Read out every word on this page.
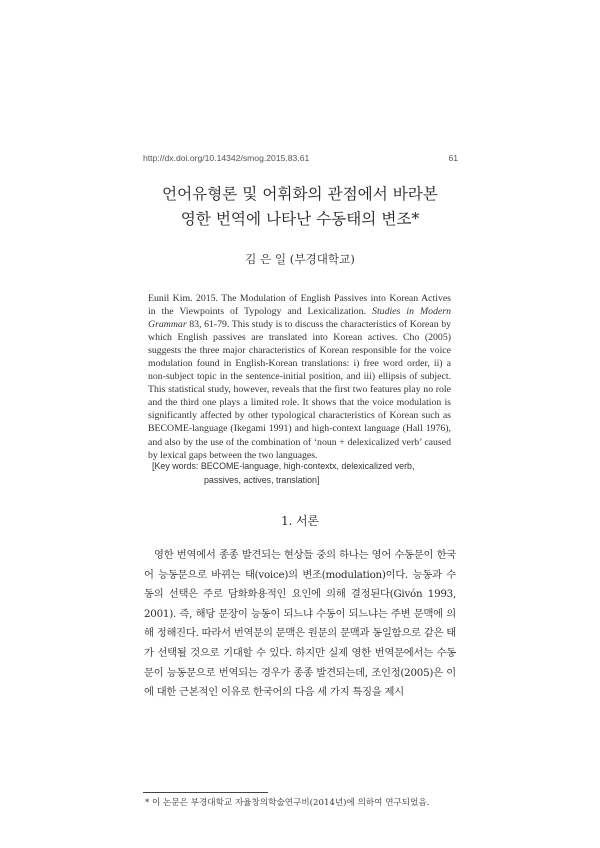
http://dx.doi.org/10.14342/smog.2015.83.61	61
언어유형론 및 어휘화의 관점에서 바라본
영한 번역에 나타난 수동태의 변조*
김 은 일 (부경대학교)
Eunil Kim. 2015. The Modulation of English Passives into Korean Actives in the Viewpoints of Typology and Lexicalization. Studies in Modern Grammar 83, 61-79. This study is to discuss the characteristics of Korean by which English passives are translated into Korean actives. Cho (2005) suggests the three major characteristics of Korean responsible for the voice modulation found in English-Korean translations: i) free word order, ii) a non-subject topic in the sentence-initial position, and iii) ellipsis of subject. This statistical study, however, reveals that the first two features play no role and the third one plays a limited role. It shows that the voice modulation is significantly affected by other typological characteristics of Korean such as BECOME-language (Ikegami 1991) and high-context language (Hall 1976), and also by the use of the combination of ‘noun + delexicalized verb’ caused by lexical gaps between the two languages.
[Key words: BECOME-language, high-contextx, delexicalized verb, passives, actives, translation]
1. 서론

영한 번역에서 종종 발견되는 현상들 중의 하나는 영어 수동문이 한국어 능동문으로 바뀌는 태(voice)의 변조(modulation)이다. 능동과 수동의 선택은 주로 담화화용적인 요인에 의해 결정된다(Givón 1993, 2001). 즉, 해당 문장이 능동이 되느냐 수동이 되느냐는 주변 문맥에 의해 정해진다. 따라서 번역문의 문맥은 원문의 문맥과 동일함으로 같은 태가 선택될 것으로 기대할 수 있다. 하지만 실제 영한 번역문에서는 수동문이 능동문으로 번역되는 경우가 종종 발견되는데, 조인정(2005)은 이에 대한 근본적인 이유로 한국어의 다음 세 가지 특징을 제시

* 이 논문은 부경대학교 자율창의학술연구비(2014년)에 의하여 연구되었음.
